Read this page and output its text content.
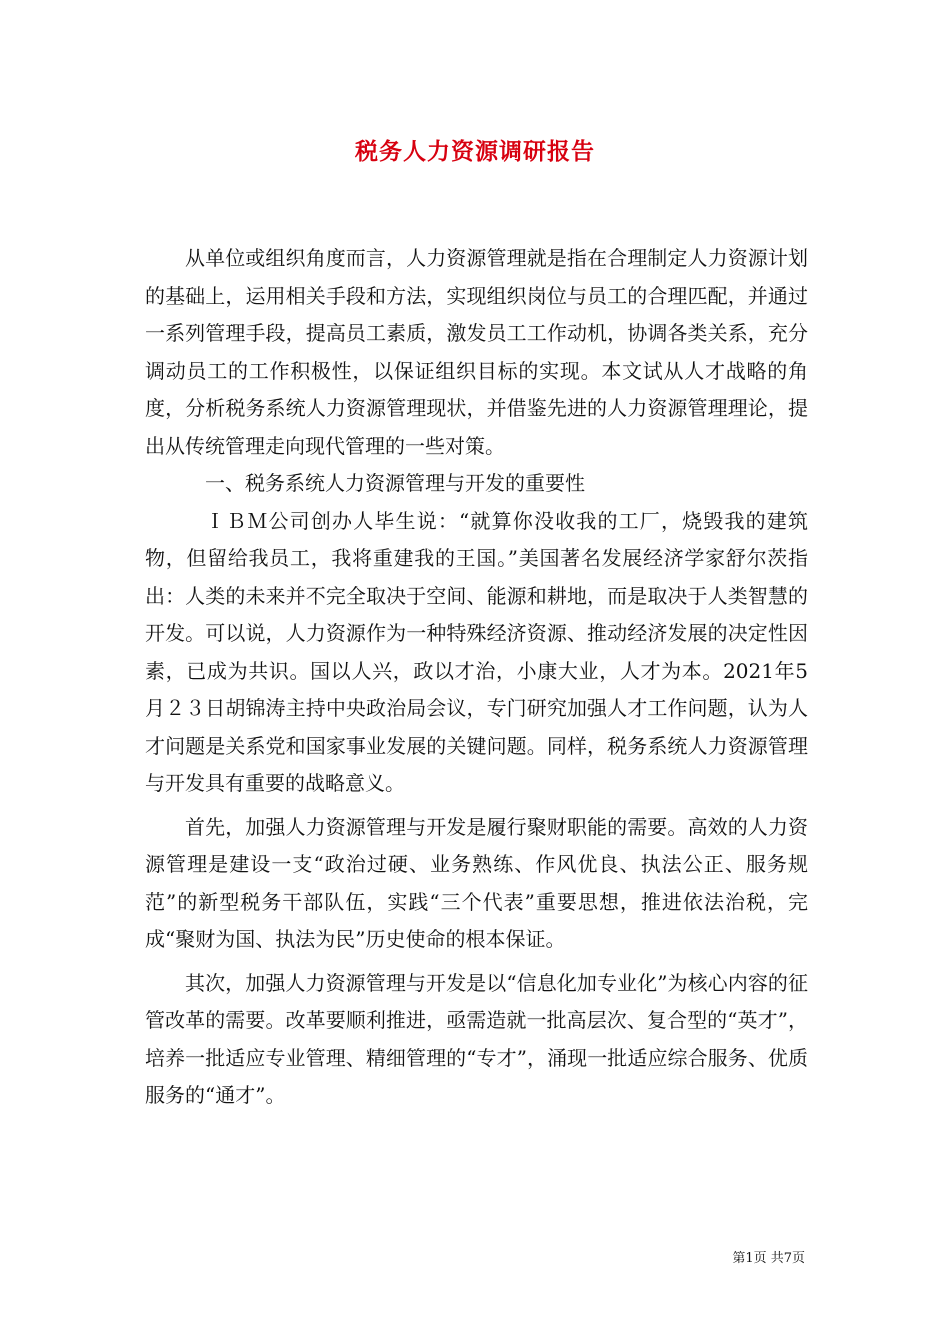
税务人力资源调研报告

从单位或组织角度而言，人力资源管理就是指在合理制定人力资源计划的基础上，运用相关手段和方法，实现组织岗位与员工的合理匹配，并通过一系列管理手段，提高员工素质，激发员工工作动机，协调各类关系，充分调动员工的工作积极性，以保证组织目标的实现。本文试从人才战略的角度，分析税务系统人力资源管理现状，并借鉴先进的人力资源管理理论，提出从传统管理走向现代管理的一些对策。

一、税务系统人力资源管理与开发的重要性

ＩＢＭ公司创办人毕生说：“就算你没收我的工厂，烧毁我的建筑物，但留给我员工，我将重建我的王国。”美国著名发展经济学家舒尔茨指出：人类的未来并不完全取决于空间、能源和耕地，而是取决于人类智慧的开发。可以说，人力资源作为一种特殊经济资源、推动经济发展的决定性因素，已成为共识。国以人兴，政以才治，小康大业，人才为本。2021年5月２３日胡锦涛主持中央政治局会议，专门研究加强人才工作问题，认为人才问题是关系党和国家事业发展的关键问题。同样，税务系统人力资源管理与开发具有重要的战略意义。

首先，加强人力资源管理与开发是履行聚财职能的需要。高效的人力资源管理是建设一支“政治过硬、业务熟练、作风优良、执法公正、服务规范”的新型税务干部队伍，实践“三个代表”重要思想，推进依法治税，完成“聚财为国、执法为民”历史使命的根本保证。

其次，加强人力资源管理与开发是以“信息化加专业化”为核心内容的征管改革的需要。改革要顺利推进，亟需造就一批高层次、复合型的“英才”，培养一批适应专业管理、精细管理的“专才”，涌现一批适应综合服务、优质服务的“通才”。

第1页 共7页
